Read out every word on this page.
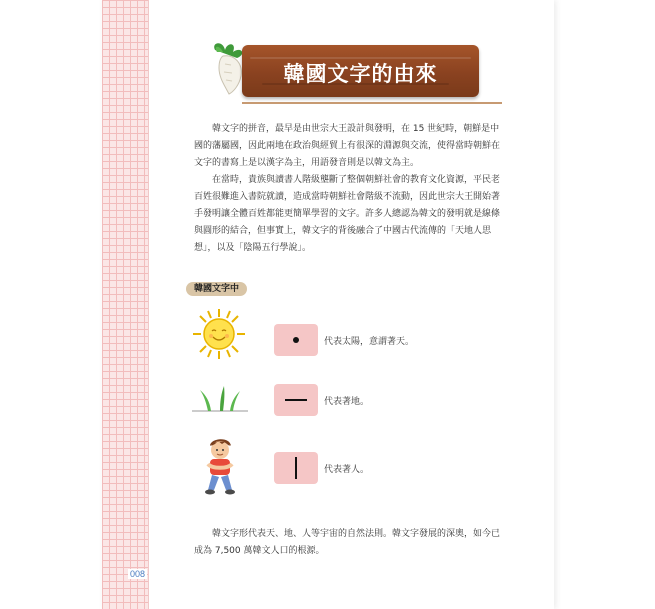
008
韓國文字的由來

韓文字的拼音，最早是由世宗大王設計與發明，在 15 世紀時，朝鮮是中國的藩屬國，因此兩地在政治與經貿上有很深的淵源與交流，使得當時朝鮮在文字的書寫上是以漢字為主，用語發音則是以韓文為主。

在當時，貴族與讀書人階級壟斷了整個朝鮮社會的教育文化資源，平民老百姓很難進入書院就讀，造成當時朝鮮社會階級不流動，因此世宗大王開始著手發明讓全體百姓都能更簡單學習的文字。許多人總認為韓文的發明就是線條與圓形的結合，但事實上，韓文字的背後融合了中國古代流傳的「天地人思想」，以及「陰陽五行學說」。

韓國文字中
代表太陽，意謂著天。
代表著地。
代表著人。

韓文字形代表天、地、人等宇宙的自然法則。韓文字發展的深奧，如今已成為 7,500 萬韓文人口的根源。
